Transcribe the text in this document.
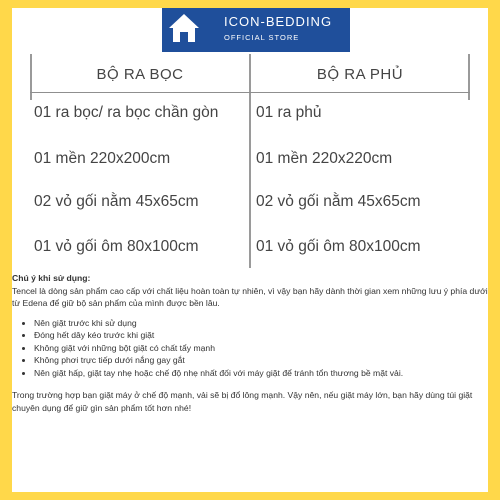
ICON-BEDDING
OFFICIAL STORE
BỘ RA BỌC	BỘ RA PHỦ
01 ra bọc/ ra bọc chần gòn
01 mền 220x200cm
02 vỏ gối nằm 45x65cm
01 vỏ gối ôm 80x100cm
01 ra phủ
01 mền 220x220cm
02 vỏ gối nằm 45x65cm
01 vỏ gối ôm 80x100cm

Chú ý khi sử dụng:

Tencel là dòng sản phẩm cao cấp với chất liệu hoàn toàn tự nhiên, vì vậy bạn hãy dành thời gian xem những lưu ý phía dưới từ Edena để giữ bộ sản phẩm của mình được bền lâu.

• Nên giặt trước khi sử dụng
• Đóng hết dây kéo trước khi giặt
• Không giặt với những bột giặt có chất tẩy mạnh
• Không phơi trực tiếp dưới nắng gay gắt
• Nên giặt hấp, giặt tay nhẹ hoặc chế độ nhẹ nhất đối với máy giặt để tránh tổn thương bề mặt vải.

Trong trường hợp bạn giặt máy ở chế độ mạnh, vải sẽ bị đổ lông mạnh. Vậy nên, nếu giặt máy lớn, bạn hãy dùng túi giặt chuyên dụng để giữ gìn sản phẩm tốt hơn nhé!
